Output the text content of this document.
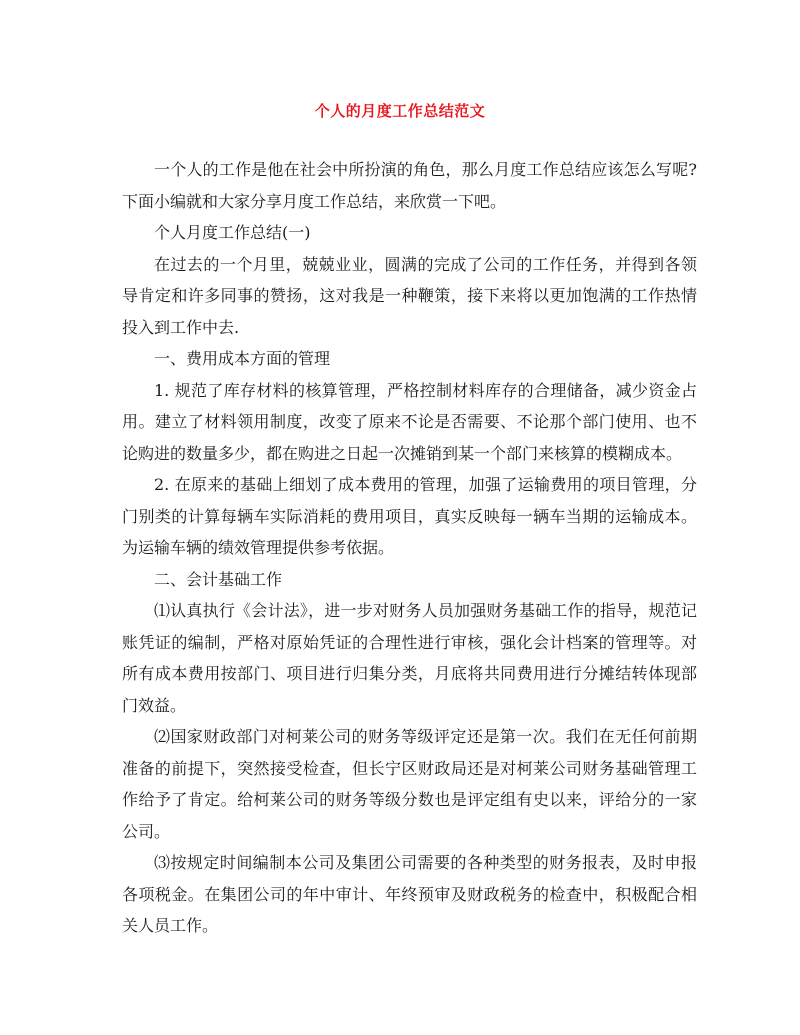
个人的月度工作总结范文

一个人的工作是他在社会中所扮演的角色，那么月度工作总结应该怎么写呢?下面小编就和大家分享月度工作总结，来欣赏一下吧。

个人月度工作总结(一)

在过去的一个月里，兢兢业业，圆满的完成了公司的工作任务，并得到各领导肯定和许多同事的赞扬，这对我是一种鞭策，接下来将以更加饱满的工作热情投入到工作中去.

一、费用成本方面的管理

1. 规范了库存材料的核算管理，严格控制材料库存的合理储备，减少资金占用。建立了材料领用制度，改变了原来不论是否需要、不论那个部门使用、也不论购进的数量多少，都在购进之日起一次摊销到某一个部门来核算的模糊成本。

2. 在原来的基础上细划了成本费用的管理，加强了运输费用的项目管理，分门别类的计算每辆车实际消耗的费用项目，真实反映每一辆车当期的运输成本。为运输车辆的绩效管理提供参考依据。

二、会计基础工作

⑴认真执行《会计法》，进一步对财务人员加强财务基础工作的指导，规范记账凭证的编制，严格对原始凭证的合理性进行审核，强化会计档案的管理等。对所有成本费用按部门、项目进行归集分类，月底将共同费用进行分摊结转体现部门效益。

⑵国家财政部门对柯莱公司的财务等级评定还是第一次。我们在无任何前期准备的前提下，突然接受检查，但长宁区财政局还是对柯莱公司财务基础管理工作给予了肯定。给柯莱公司的财务等级分数也是评定组有史以来，评给分的一家公司。

⑶按规定时间编制本公司及集团公司需要的各种类型的财务报表，及时申报各项税金。在集团公司的年中审计、年终预审及财政税务的检查中，积极配合相关人员工作。
